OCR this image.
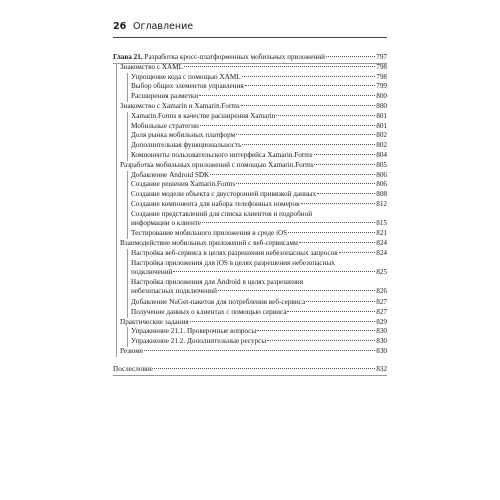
26 Оглавление
Глава 21. Разработка кросс-платформенных мобильных приложений	797
Знакомство с XAML	798
Упрощение кода с помощью XAML	798
Выбор общих элементов управления	799
Расширения разметки	800
Знакомство с Xamarin и Xamarin.Forms	800
Xamarin.Forms в качестве расширения Xamarin	801
Мобильные стратегии	801
Доля рынка мобильных платформ	802
Дополнительная функциональность	802
Компоненты пользовательского интерфейса Xamarin.Forms	804
Разработка мобильных приложений с помощью Xamarin.Forms	805
Добавление Android SDK	806
Создание решения Xamarin.Forms	806
Создание модели объекта с двусторонней привязкой данных	808
Создание компонента для набора телефонных номеров	812
Создание представлений для списка клиентов и подробной
информации о клиенте	815
Тестирование мобильного приложения в среде iOS	821
Взаимодействие мобильных приложений с веб-сервисами	824
Настройка веб-сервиса в целях разрешения небезопасных запросов	824
Настройка приложения для iOS в целях разрешения небезопасных
подключений	825
Настройка приложения для Android в целях разрешения
небезопасных подключений	826
Добавление NuGet-пакетов для потребления веб-сервиса	827
Получение данных о клиентах с помощью сервиса	827
Практические задания	829
Упражнение 21.1. Проверочные вопросы	830
Упражнение 21.2. Дополнительные ресурсы	830
Резюме	830
Послесловие	832
